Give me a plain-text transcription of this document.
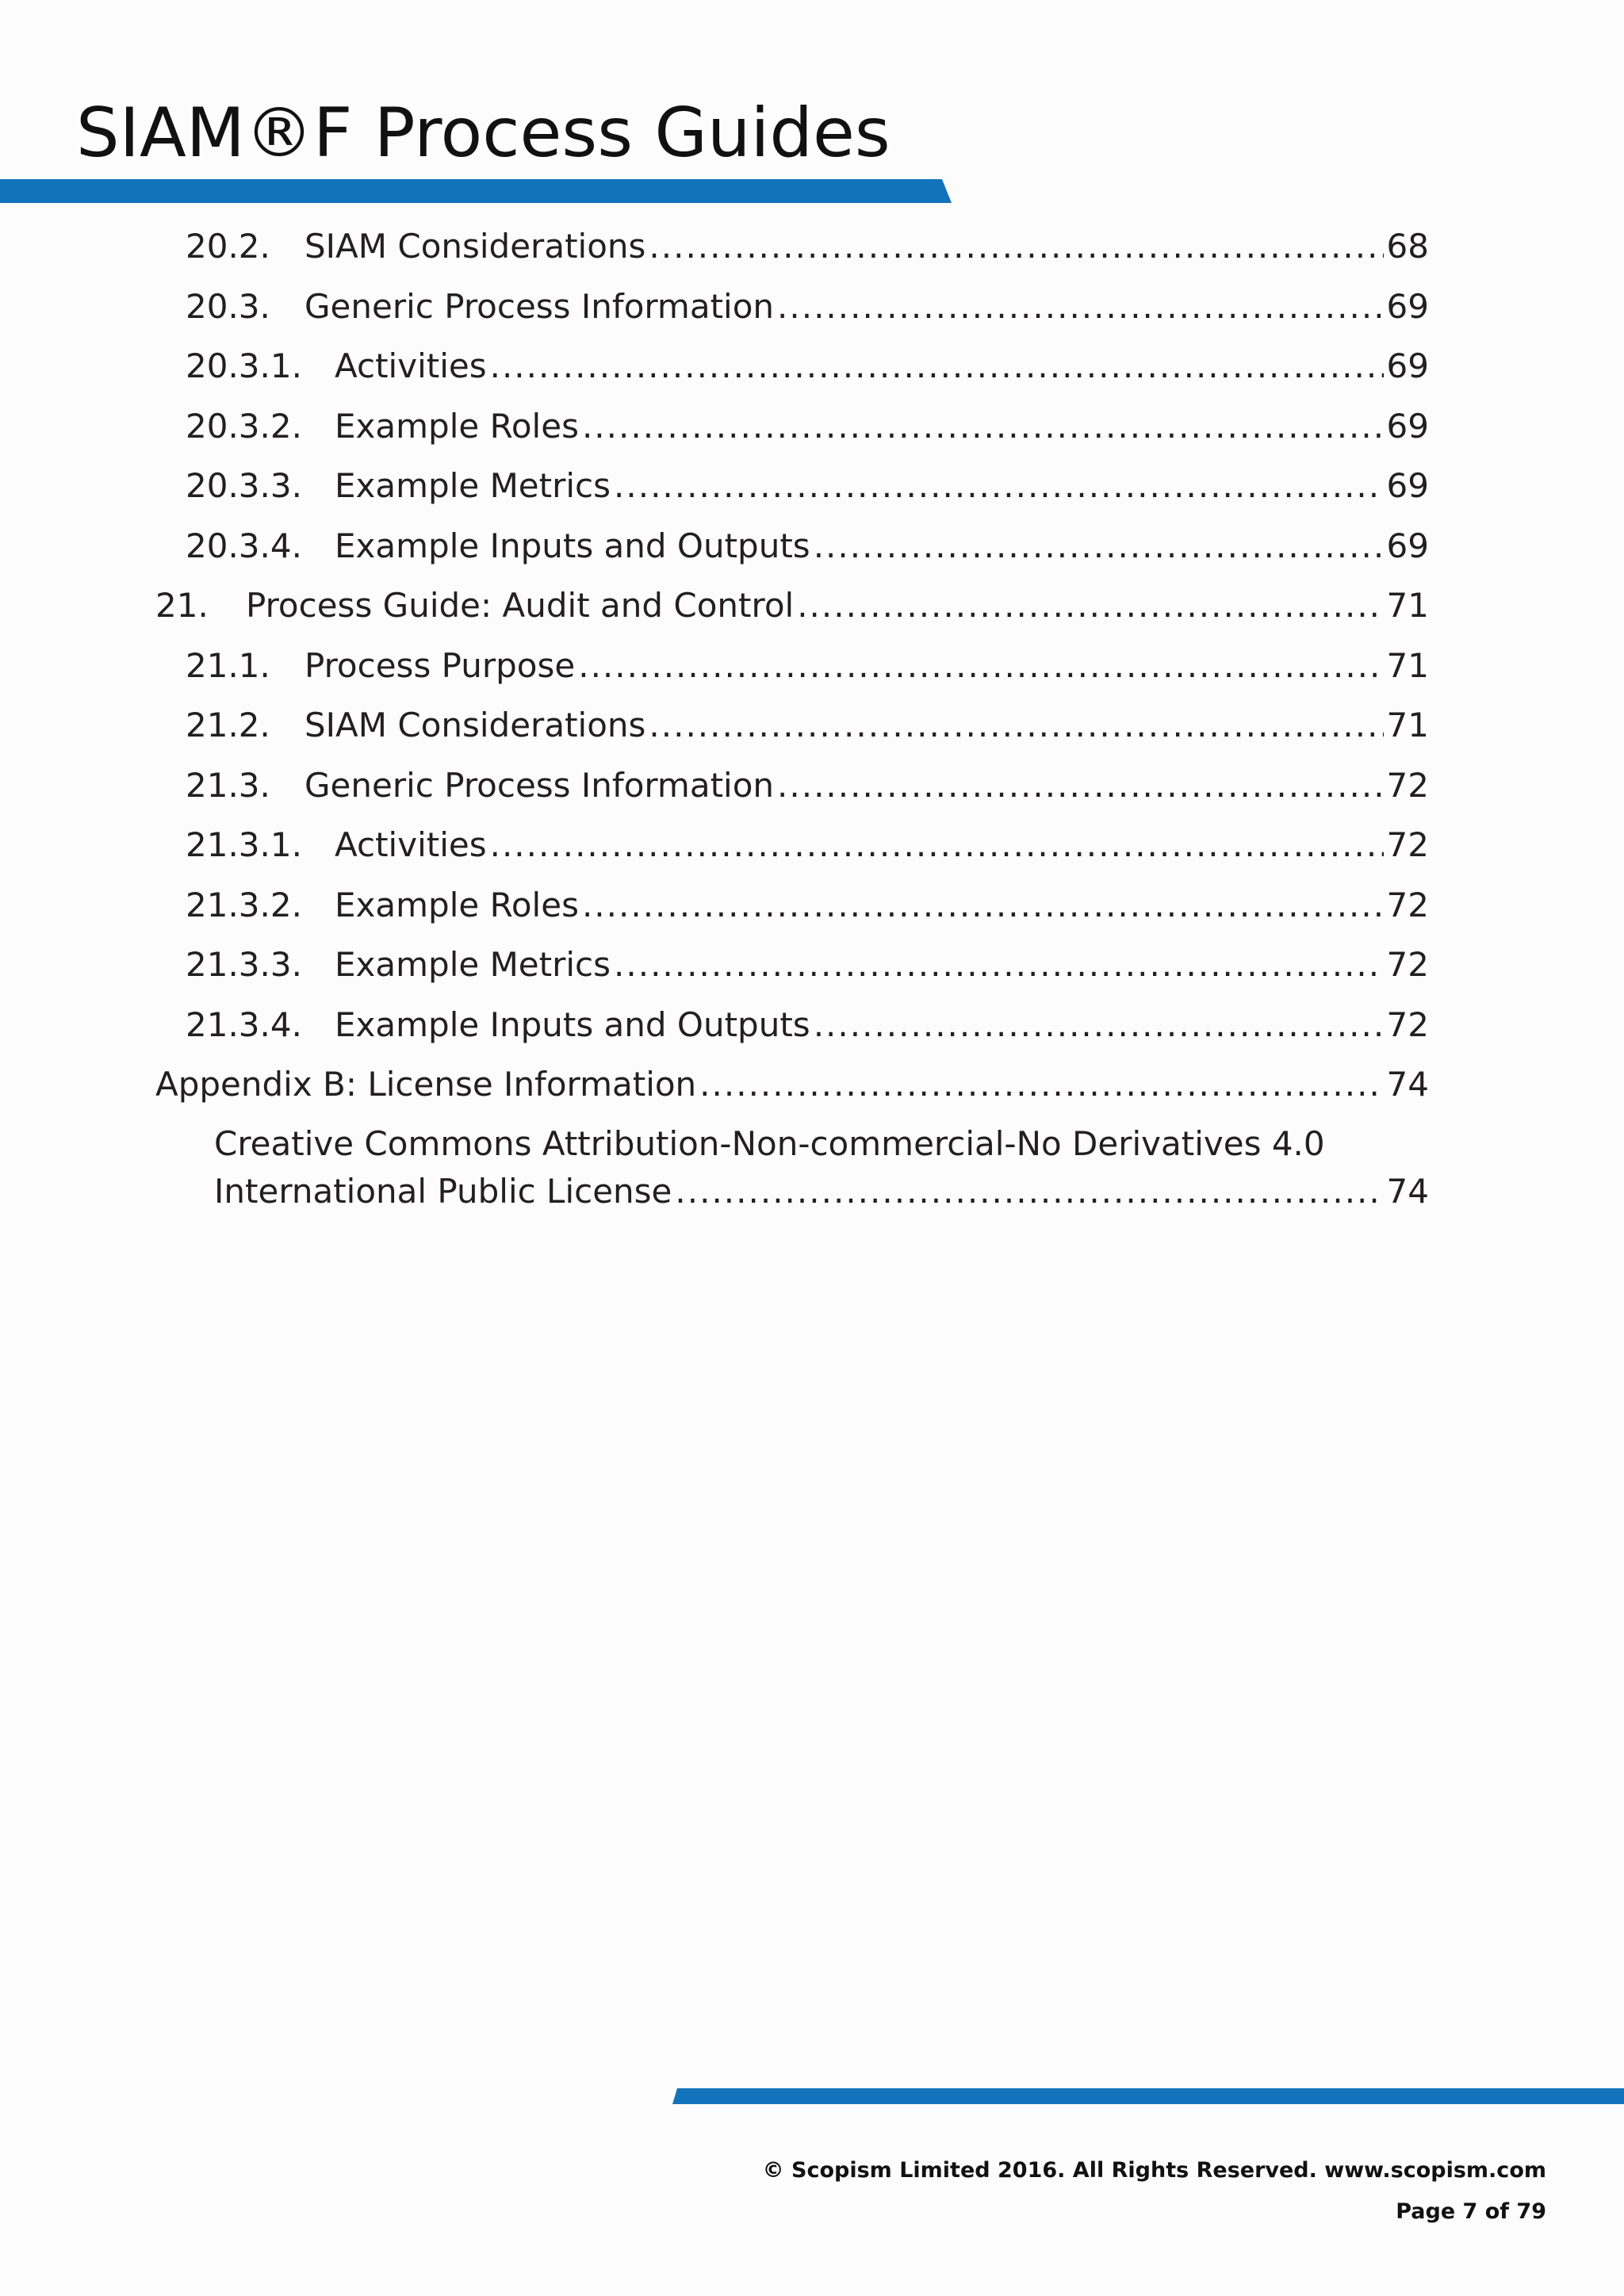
SIAM®F Process Guides
20.2.	SIAM Considerations .....	68
20.3.	Generic Process Information .....	69
20.3.1. Activities .....	69
20.3.2. Example Roles .....	69
20.3.3. Example Metrics .....	69
20.3.4. Example Inputs and Outputs .....	69
21.	Process Guide: Audit and Control .....	71
21.1.	Process Purpose .....	71
21.2.	SIAM Considerations .....	71
21.3.	Generic Process Information .....	72
21.3.1. Activities .....	72
21.3.2. Example Roles .....	72
21.3.3. Example Metrics .....	72
21.3.4. Example Inputs and Outputs .....	72
Appendix B: License Information .....	74
Creative Commons Attribution-Non-commercial-No Derivatives 4.0
International Public License .....	74
© Scopism Limited 2016. All Rights Reserved. www.scopism.com
Page 7 of 79
